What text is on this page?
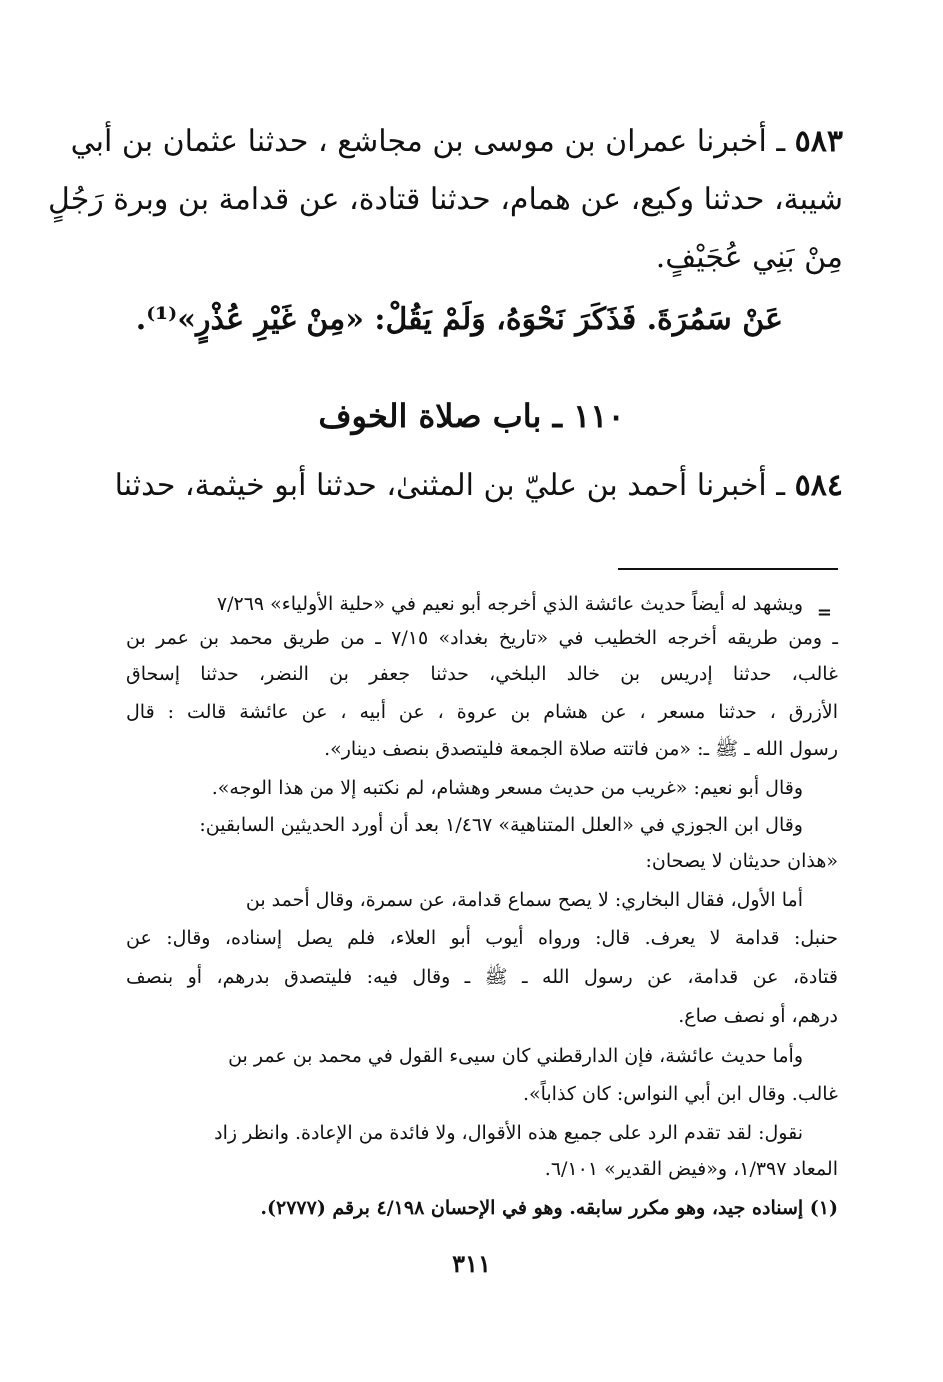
٥٨٣ ـ أخبرنا عمران بن موسى بن مجاشع ، حدثنا عثمان بن أبي
شيبة، حدثنا وكيع، عن همام، حدثنا قتادة، عن قدامة بن وبرة رَجُلٍ
مِنْ بَنِي عُجَيْفٍ.
عَنْ سَمُرَةَ. فَذَكَرَ نَحْوَهُ، وَلَمْ يَقُلْ: «مِنْ غَيْرِ عُذْرٍ»⁽¹⁾.
١١٠ ـ باب صلاة الخوف
٥٨٤ ـ أخبرنا أحمد بن عليّ بن المثنىٰ، حدثنا أبو خيثمة، حدثنا
=
ويشهد له أيضاً حديث عائشة الذي أخرجه أبو نعيم في «حلية الأولياء» ٧/٢٦٩
ـ ومن طريقه أخرجه الخطيب في «تاريخ بغداد» ٧/١٥ ـ من طريق محمد بن عمر بن
غالب، حدثنا إدريس بن خالد البلخي، حدثنا جعفر بن النضر، حدثنا إسحاق
الأزرق ، حدثنا مسعر ، عن هشام بن عروة ، عن أبيه ، عن عائشة قالت : قال
رسول الله ـ ﷺ ـ: «من فاتته صلاة الجمعة فليتصدق بنصف دينار».
وقال أبو نعيم: «غريب من حديث مسعر وهشام، لم نكتبه إلا من هذا الوجه».
وقال ابن الجوزي في «العلل المتناهية» ١/٤٦٧ بعد أن أورد الحديثين السابقين:
«هذان حديثان لا يصحان:
أما الأول، فقال البخاري: لا يصح سماع قدامة، عن سمرة، وقال أحمد بن
حنبل: قدامة لا يعرف. قال: ورواه أيوب أبو العلاء، فلم يصل إسناده، وقال: عن
قتادة، عن قدامة، عن رسول الله ـ ﷺ ـ وقال فيه: فليتصدق بدرهم، أو بنصف
درهم، أو نصف صاع.
وأما حديث عائشة، فإن الدارقطني كان سيىء القول في محمد بن عمر بن
غالب. وقال ابن أبي النواس: كان كذاباً».
نقول: لقد تقدم الرد على جميع هذه الأقوال، ولا فائدة من الإعادة. وانظر زاد
المعاد ١/٣٩٧، و«فيض القدير» ٦/١٠١.
(١) إسناده جيد، وهو مكرر سابقه. وهو في الإحسان ٤/١٩٨ برقم (٢٧٧٧).
٣١١
